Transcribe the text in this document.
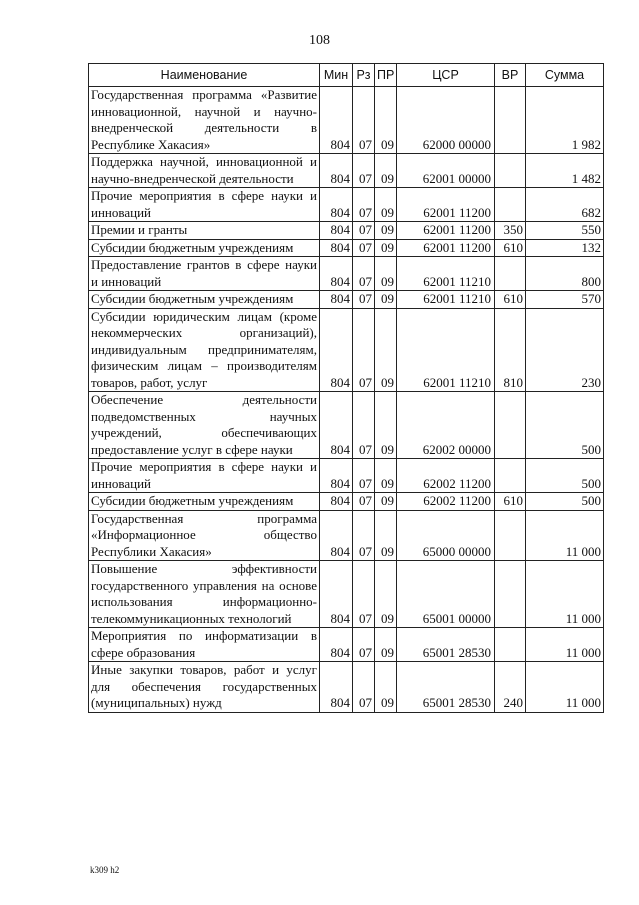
108
Наименование	Мин	Рз	ПР	ЦСР	ВР	Сумма
Государственная программа «Развитие инновационной, научной и научно-внедренческой деятельности в Республике Хакасия»	804	07	09	62000 00000		1 982
Поддержка научной, инновационной и научно-внедренческой деятельности	804	07	09	62001 00000		1 482
Прочие мероприятия в сфере науки и инноваций	804	07	09	62001 11200		682
Премии и гранты	804	07	09	62001 11200	350	550
Субсидии бюджетным учреждениям	804	07	09	62001 11200	610	132
Предоставление грантов в сфере науки и инноваций	804	07	09	62001 11210		800
Субсидии бюджетным учреждениям	804	07	09	62001 11210	610	570
Субсидии юридическим лицам (кроме некоммерческих организаций), индивидуальным предпринимателям, физическим лицам – производителям товаров, работ, услуг	804	07	09	62001 11210	810	230
Обеспечение деятельности подведомственных научных учреждений, обеспечивающих предоставление услуг в сфере науки	804	07	09	62002 00000		500
Прочие мероприятия в сфере науки и инноваций	804	07	09	62002 11200		500
Субсидии бюджетным учреждениям	804	07	09	62002 11200	610	500
Государственная программа «Информационное общество Республики Хакасия»	804	07	09	65000 00000		11 000
Повышение эффективности государственного управления на основе использования информационно-телекоммуникационных технологий	804	07	09	65001 00000		11 000
Мероприятия по информатизации в сфере образования	804	07	09	65001 28530		11 000
Иные закупки товаров, работ и услуг для обеспечения государственных (муниципальных) нужд	804	07	09	65001 28530	240	11 000
k309 h2
